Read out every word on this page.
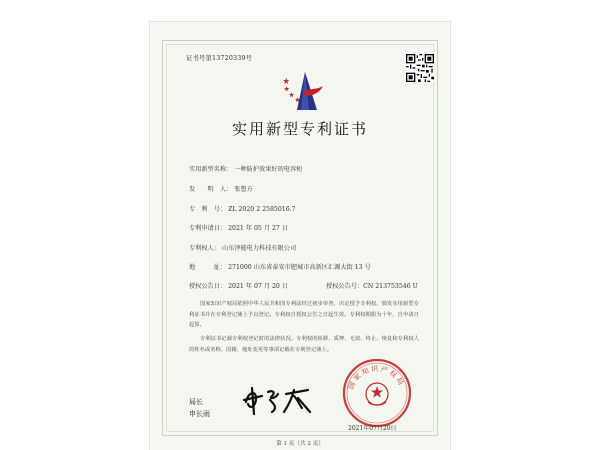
证书号第13720339号
实用新型专利证书
实用新型名称： 一种防护效果好的电容柜
发　　明　人： 张鲁方
专　利　号： ZL 2020 2 2585016.7
专利申请日： 2021 年 05 月 27 日
专利权人： 山东泽能电力科技有限公司
地　　　址： 271000 山东省泰安市肥城市高新区汇源大街 13 号
授权公告日： 2021 年 07 月 20 日	授权公告号：CN 213753546 U
国家知识产权局依照中华人民共和国专利法经过初步审查，决定授予专利权，颁发实用新型专利证书并在专利登记簿上予以登记。专利权自授权公告之日起生效。专利权期限为十年，自申请日起算。
专利证书记载专利权登记时的法律状况。专利权的转移、质押、无效、终止、恢复和专利权人的姓名或名称、国籍、地址变更等事项记载在专利登记簿上。
局长
申长雨
国家知识产权局
2021年07月20日
第 1 页（共 2 页）
